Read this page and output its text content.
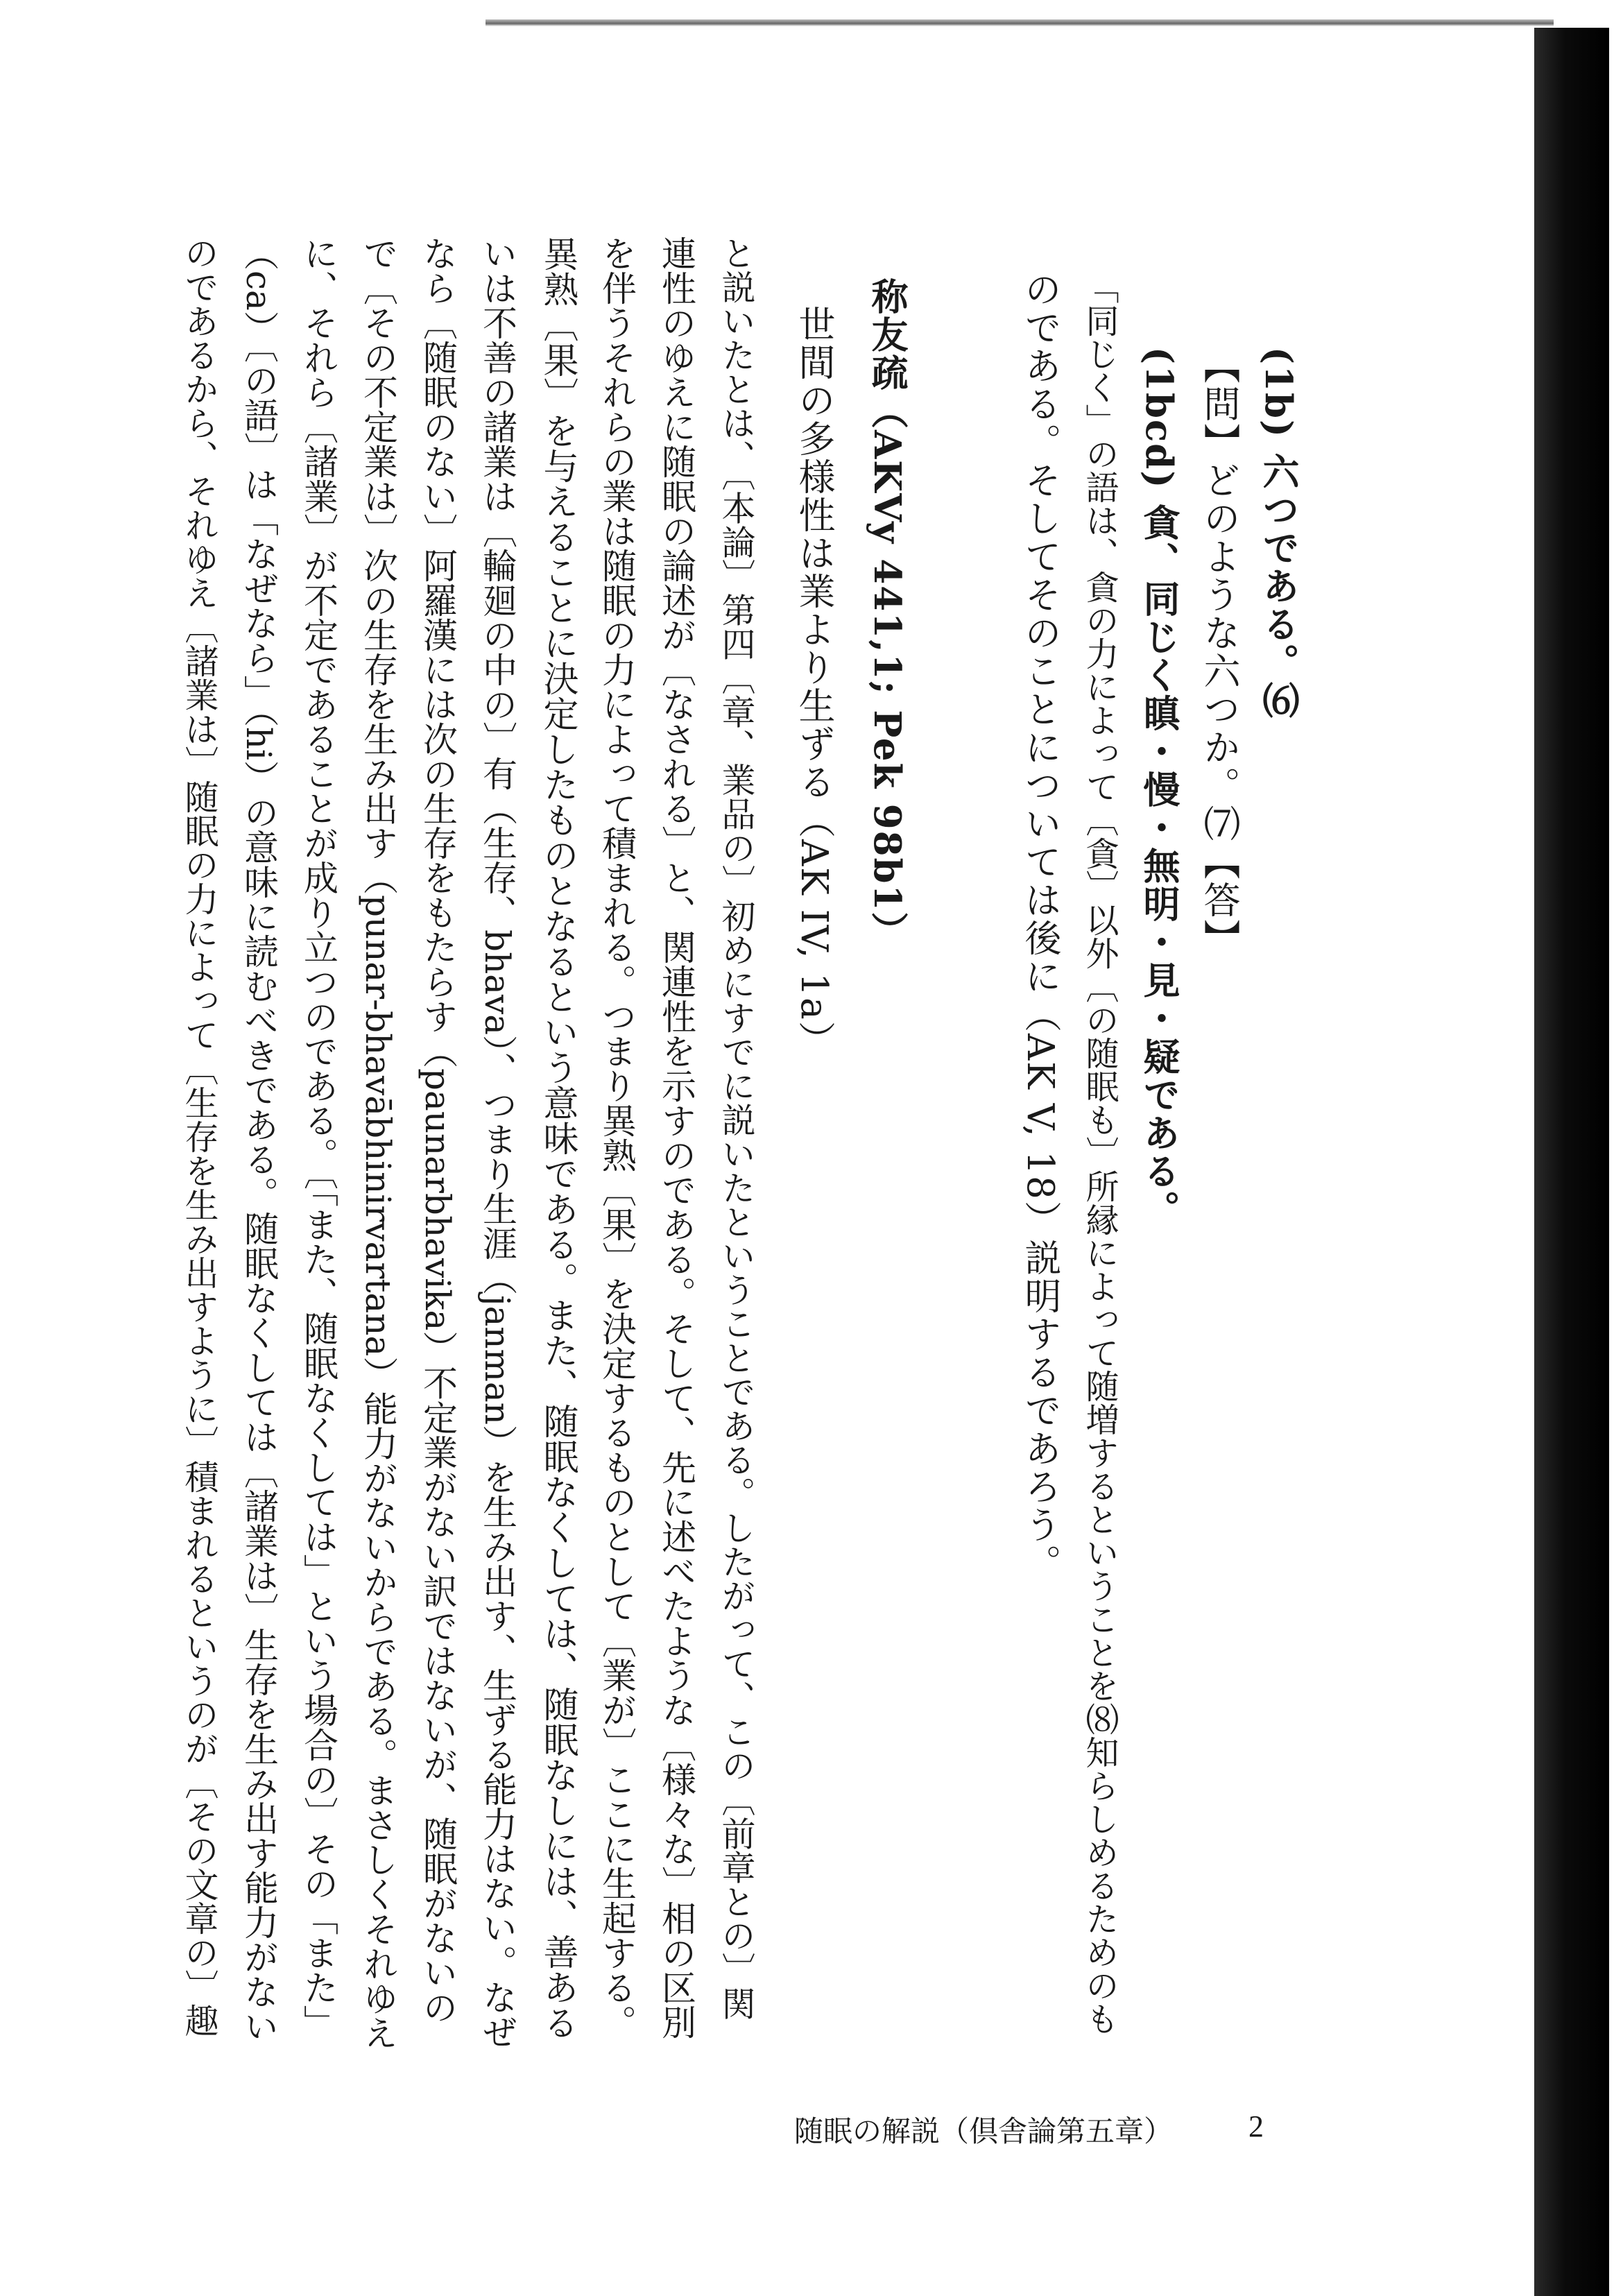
(1b) 六つである。⑹
【問】どのような六つか。⑺【答】
(1bcd) 貪、同じく瞋・慢・無明・見・疑である。
「同じく」の語は、貪の力によって〔貪〕以外〔の随眠も〕所縁によって随増するということを⑻知らしめるためのも
のである。そしてそのことについては後に（AK V, 18）説明するであろう。
称友疏（AKVy 441,1; Pek 98b1）
世間の多様性は業より生ずる（AK IV, 1a）
と説いたとは、〔本論〕第四〔章、業品の〕初めにすでに説いたということである。したがって、この〔前章との〕関
連性のゆえに随眠の論述が〔なされる〕と、関連性を示すのである。そして、先に述べたような〔様々な〕相の区別
を伴うそれらの業は随眠の力によって積まれる。つまり異熟〔果〕を決定するものとして〔業が〕ここに生起する。
異熟〔果〕を与えることに決定したものとなるという意味である。また、随眠なくしては、随眠なしには、善ある
いは不善の諸業は〔輪廻の中の〕有（生存、bhava）、つまり生涯（janman）を生み出す、生ずる能力はない。なぜ
なら〔随眠のない〕阿羅漢には次の生存をもたらす（paunarbhavika）不定業がない訳ではないが、随眠がないの
で〔その不定業は〕次の生存を生み出す（punar-bhavābhinirvartana）能力がないからである。まさしくそれゆえ
に、それら〔諸業〕が不定であることが成り立つのである。〔「また、随眠なくしては」という場合の〕その「また」
（ca）〔の語〕は「なぜなら」（hi）の意味に読むべきである。随眠なくしては〔諸業は〕生存を生み出す能力がない
のであるから、それゆえ〔諸業は〕随眠の力によって〔生存を生み出すように〕積まれるというのが〔その文章の〕趣
随眠の解説（倶舎論第五章） 2
